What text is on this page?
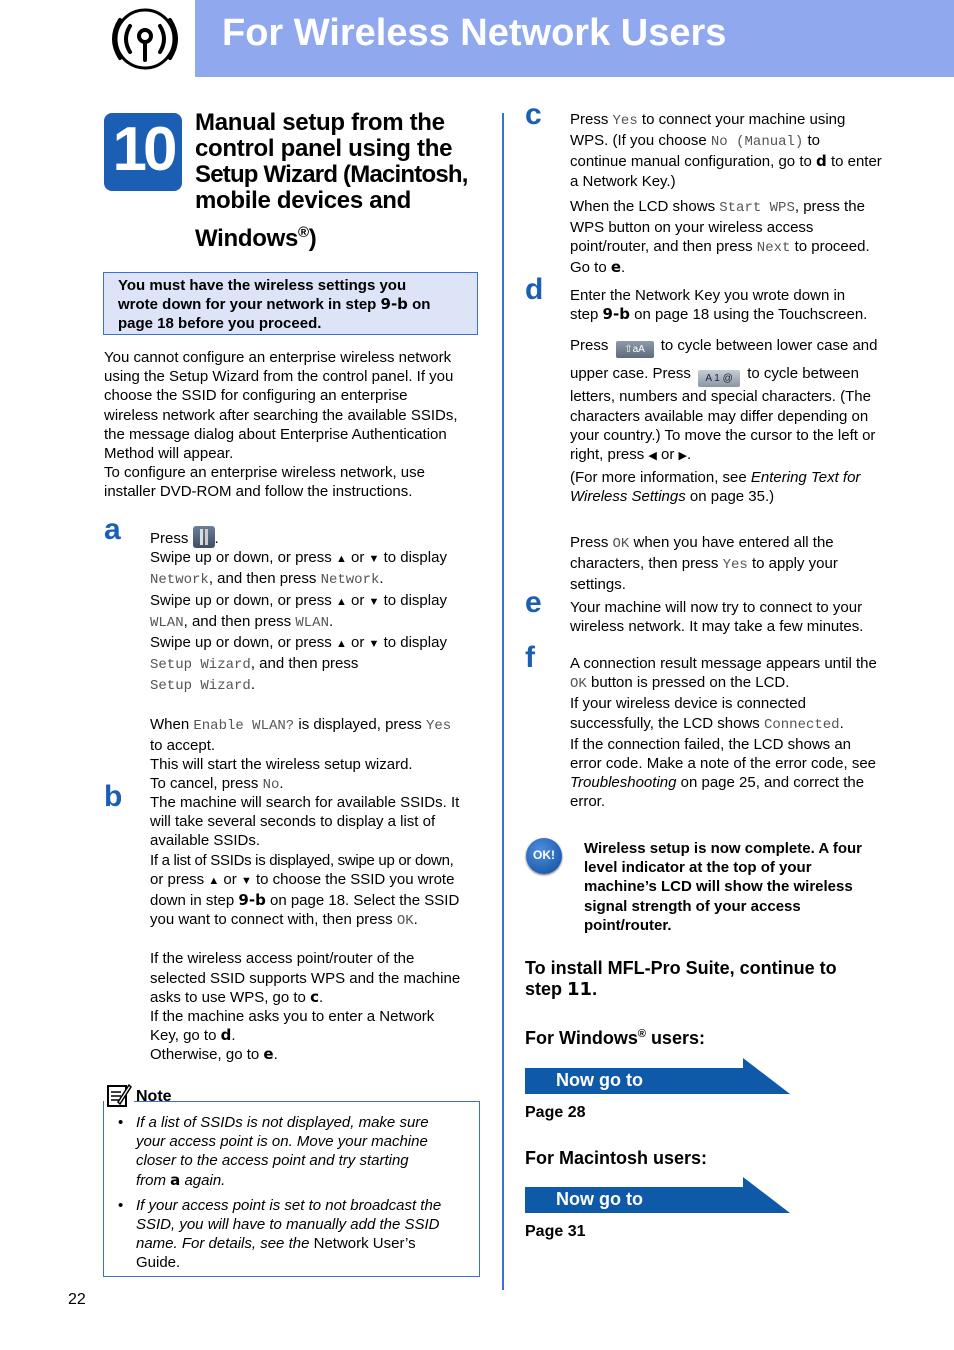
For Wireless Network Users
10 Manual setup from the
control panel using the
Setup Wizard (Macintosh,
mobile devices and
Windows®)
You must have the wireless settings you
wrote down for your network in step 9-b on
page 18 before you proceed.
You cannot configure an enterprise wireless network
using the Setup Wizard from the control panel. If you
choose the SSID for configuring an enterprise
wireless network after searching the available SSIDs,
the message dialog about Enterprise Authentication
Method will appear.
To configure an enterprise wireless network, use
installer DVD-ROM and follow the instructions.
a Press .
Swipe up or down, or press ▲ or ▼ to display
Network, and then press Network.
Swipe up or down, or press ▲ or ▼ to display
WLAN, and then press WLAN.
Swipe up or down, or press ▲ or ▼ to display
Setup Wizard, and then press
Setup Wizard.
When Enable WLAN? is displayed, press Yes
to accept.
This will start the wireless setup wizard.
To cancel, press No.
b The machine will search for available SSIDs. It
will take several seconds to display a list of
available SSIDs.
If a list of SSIDs is displayed, swipe up or down,
or press ▲ or ▼ to choose the SSID you wrote
down in step 9-b on page 18. Select the SSID
you want to connect with, then press OK.
If the wireless access point/router of the
selected SSID supports WPS and the machine
asks to use WPS, go to c.
If the machine asks you to enter a Network
Key, go to d.
Otherwise, go to e.
Note
• If a list of SSIDs is not displayed, make sure
your access point is on. Move your machine
closer to the access point and try starting
from a again.
• If your access point is set to not broadcast the
SSID, you will have to manually add the SSID
name. For details, see the Network User’s
Guide.
c Press Yes to connect your machine using
WPS. (If you choose No (Manual) to
continue manual configuration, go to d to enter
a Network Key.)
When the LCD shows Start WPS, press the
WPS button on your wireless access
point/router, and then press Next to proceed.
Go to e.
d Enter the Network Key you wrote down in
step 9-b on page 18 using the Touchscreen.
Press ⇧aA to cycle between lower case and
upper case. Press A 1 @ to cycle between
letters, numbers and special characters. (The
characters available may differ depending on
your country.) To move the cursor to the left or
right, press ◀ or ▶.
(For more information, see Entering Text for
Wireless Settings on page 35.)
Press OK when you have entered all the
characters, then press Yes to apply your
settings.
e Your machine will now try to connect to your
wireless network. It may take a few minutes.
f A connection result message appears until the
OK button is pressed on the LCD.
If your wireless device is connected
successfully, the LCD shows Connected.
If the connection failed, the LCD shows an
error code. Make a note of the error code, see
Troubleshooting on page 25, and correct the
error.
OK!	Wireless setup is now complete. A four
level indicator at the top of your
machine’s LCD will show the wireless
signal strength of your access
point/router.
To install MFL-Pro Suite, continue to
step 11.
For Windows® users:
Now go to
Page 28
For Macintosh users:
Now go to
Page 31
22
